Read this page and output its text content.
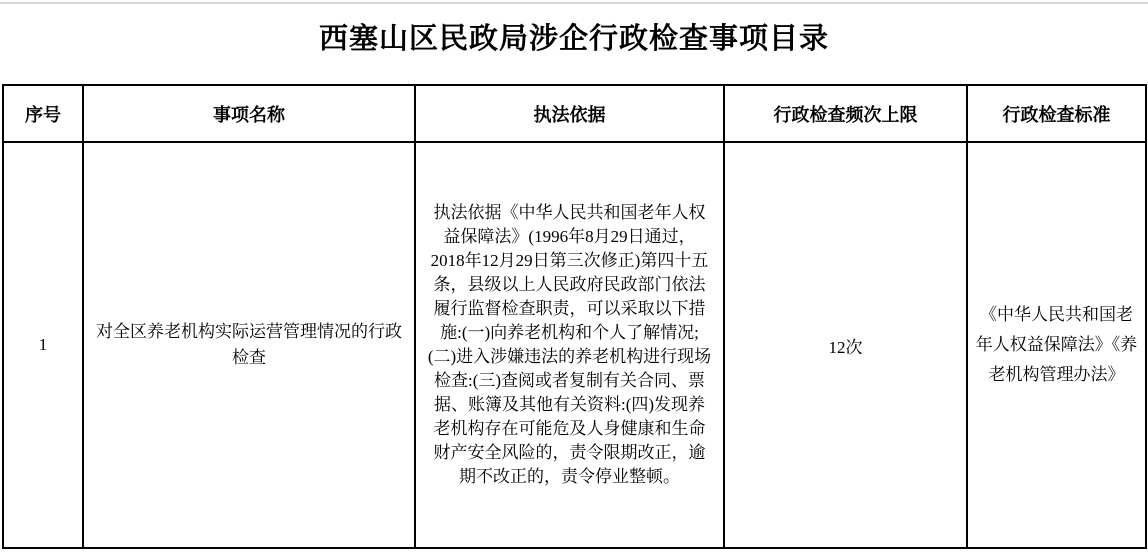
西塞山区民政局涉企行政检查事项目录
序号	事项名称	执法依据	行政检查频次上限	行政检查标准
1	对全区养老机构实际运营管理情况的行政检查	执法依据《中华人民共和国老年人权益保障法》(1996年8月29日通过，2018年12月29日第三次修正)第四十五条，县级以上人民政府民政部门依法履行监督检查职责，可以采取以下措施:(一)向养老机构和个人了解情况;(二)进入涉嫌违法的养老机构进行现场检查:(三)查阅或者复制有关合同、票据、账簿及其他有关资料:(四)发现养老机构存在可能危及人身健康和生命财产安全风险的，责令限期改正，逾期不改正的，责令停业整顿。	12次	《中华人民共和国老年人权益保障法》《养老机构管理办法》
